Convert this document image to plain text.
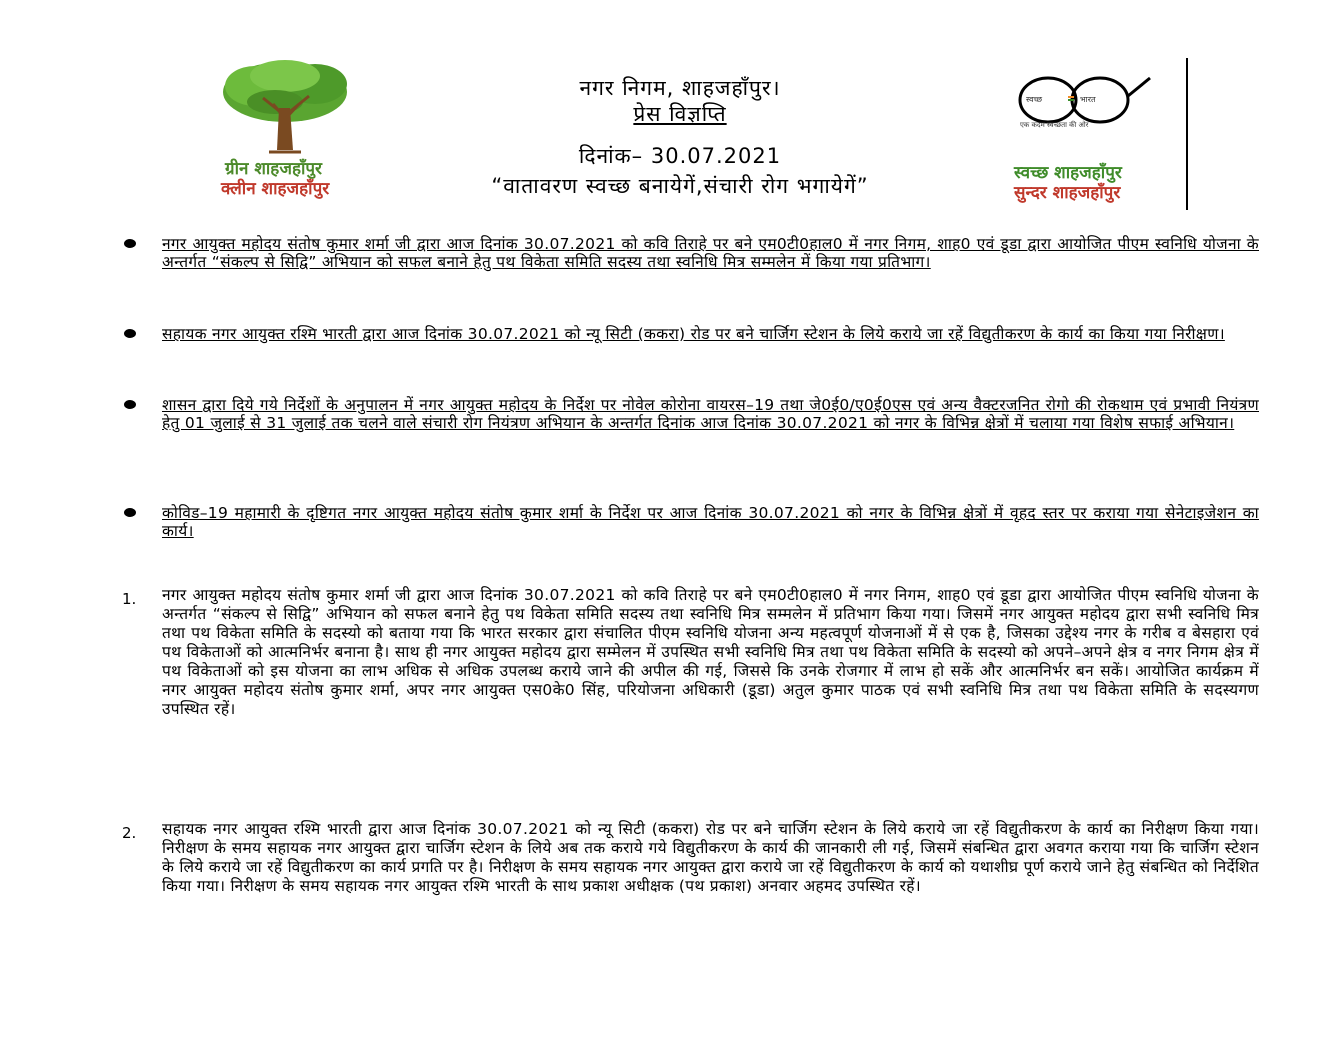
ग्रीन शाहजहाँपुर
क्लीन शाहजहाँपुर
नगर निगम, शाहजहाँपुर।
प्रेस विज्ञप्ति
दिनांक– 30.07.2021
“वातावरण स्वच्छ बनायेगें,संचारी रोग भगायेगें”
स्वच्छ	भारत
एक कदम स्वच्छता की ओर
स्वच्छ शाहजहाँपुर
सुन्दर शाहजहाँपुर
नगर आयुक्त महोदय संतोष कुमार शर्मा जी द्वारा आज दिनांक 30.07.2021 को कवि तिराहे पर बने एम0टी0हाल0 में नगर निगम, शाह0 एवं डूडा द्वारा आयोजित पीएम स्वनिधि योजना के अन्तर्गत “संकल्प से सिद्वि” अभियान को सफल बनाने हेतु पथ विकेता समिति सदस्य तथा स्वनिधि मित्र सम्मलेन में किया गया प्रतिभाग।
सहायक नगर आयुक्त रश्मि भारती द्वारा आज दिनांक 30.07.2021 को न्यू सिटी (ककरा) रोड पर बने चार्जिग स्टेशन के लिये कराये जा रहें विद्युतीकरण के कार्य का किया गया निरीक्षण।
शासन द्वारा दिये गये निर्देशों के अनुपालन में नगर आयुक्त महोदय के निर्देश पर नोवेल कोरोना वायरस–19 तथा जे0ई0/ए0ई0एस एवं अन्य वैक्टरजनित रोगो की रोकथाम एवं प्रभावी नियंत्रण हेतु 01 जुलाई से 31 जुलाई तक चलने वाले संचारी रोग नियंत्रण अभियान के अन्तर्गत दिनांक आज दिनांक 30.07.2021 को नगर के विभिन्न क्षेत्रों में चलाया गया विशेष सफाई अभियान।
कोविड–19 महामारी के दृष्टिगत नगर आयुक्त महोदय संतोष कुमार शर्मा के निर्देश पर आज दिनांक 30.07.2021 को नगर के विभिन्न क्षेत्रों में वृहद स्तर पर कराया गया सेनेटाइजेशन का कार्य।
1. नगर आयुक्त महोदय संतोष कुमार शर्मा जी द्वारा आज दिनांक 30.07.2021 को कवि तिराहे पर बने एम0टी0हाल0 में नगर निगम, शाह0 एवं डूडा द्वारा आयोजित पीएम स्वनिधि योजना के अन्तर्गत “संकल्प से सिद्वि” अभियान को सफल बनाने हेतु पथ विकेता समिति सदस्य तथा स्वनिधि मित्र सम्मलेन में प्रतिभाग किया गया। जिसमें नगर आयुक्त महोदय द्वारा सभी स्वनिधि मित्र तथा पथ विकेता समिति के सदस्यो को बताया गया कि भारत सरकार द्वारा संचालित पीएम स्वनिधि योजना अन्य महत्वपूर्ण योजनाओं में से एक है, जिसका उद्देश्य नगर के गरीब व बेसहारा एवं पथ विकेताओं को आत्मनिर्भर बनाना है। साथ ही नगर आयुक्त महोदय द्वारा सम्मेलन में उपस्थित सभी स्वनिधि मित्र तथा पथ विकेता समिति के सदस्यो को अपने–अपने क्षेत्र व नगर निगम क्षेत्र में पथ विकेताओं को इस योजना का लाभ अधिक से अधिक उपलब्ध कराये जाने की अपील की गई, जिससे कि उनके रोजगार में लाभ हो सकें और आत्मनिर्भर बन सकें। आयोजित कार्यक्रम में नगर आयुक्त महोदय संतोष कुमार शर्मा, अपर नगर आयुक्त एस0के0 सिंह, परियोजना अधिकारी (डूडा) अतुल कुमार पाठक एवं सभी स्वनिधि मित्र तथा पथ विकेता समिति के सदस्यगण उपस्थित रहें।
2. सहायक नगर आयुक्त रश्मि भारती द्वारा आज दिनांक 30.07.2021 को न्यू सिटी (ककरा) रोड पर बने चार्जिग स्टेशन के लिये कराये जा रहें विद्युतीकरण के कार्य का निरीक्षण किया गया। निरीक्षण के समय सहायक नगर आयुक्त द्वारा चार्जिग स्टेशन के लिये अब तक कराये गये विद्युतीकरण के कार्य की जानकारी ली गई, जिसमें संबन्धित द्वारा अवगत कराया गया कि चार्जिग स्टेशन के लिये कराये जा रहें विद्युतीकरण का कार्य प्रगति पर है। निरीक्षण के समय सहायक नगर आयुक्त द्वारा कराये जा रहें विद्युतीकरण के कार्य को यथाशीघ्र पूर्ण कराये जाने हेतु संबन्धित को निर्देशित किया गया। निरीक्षण के समय सहायक नगर आयुक्त रश्मि भारती के साथ प्रकाश अधीक्षक (पथ प्रकाश) अनवार अहमद उपस्थित रहें।
